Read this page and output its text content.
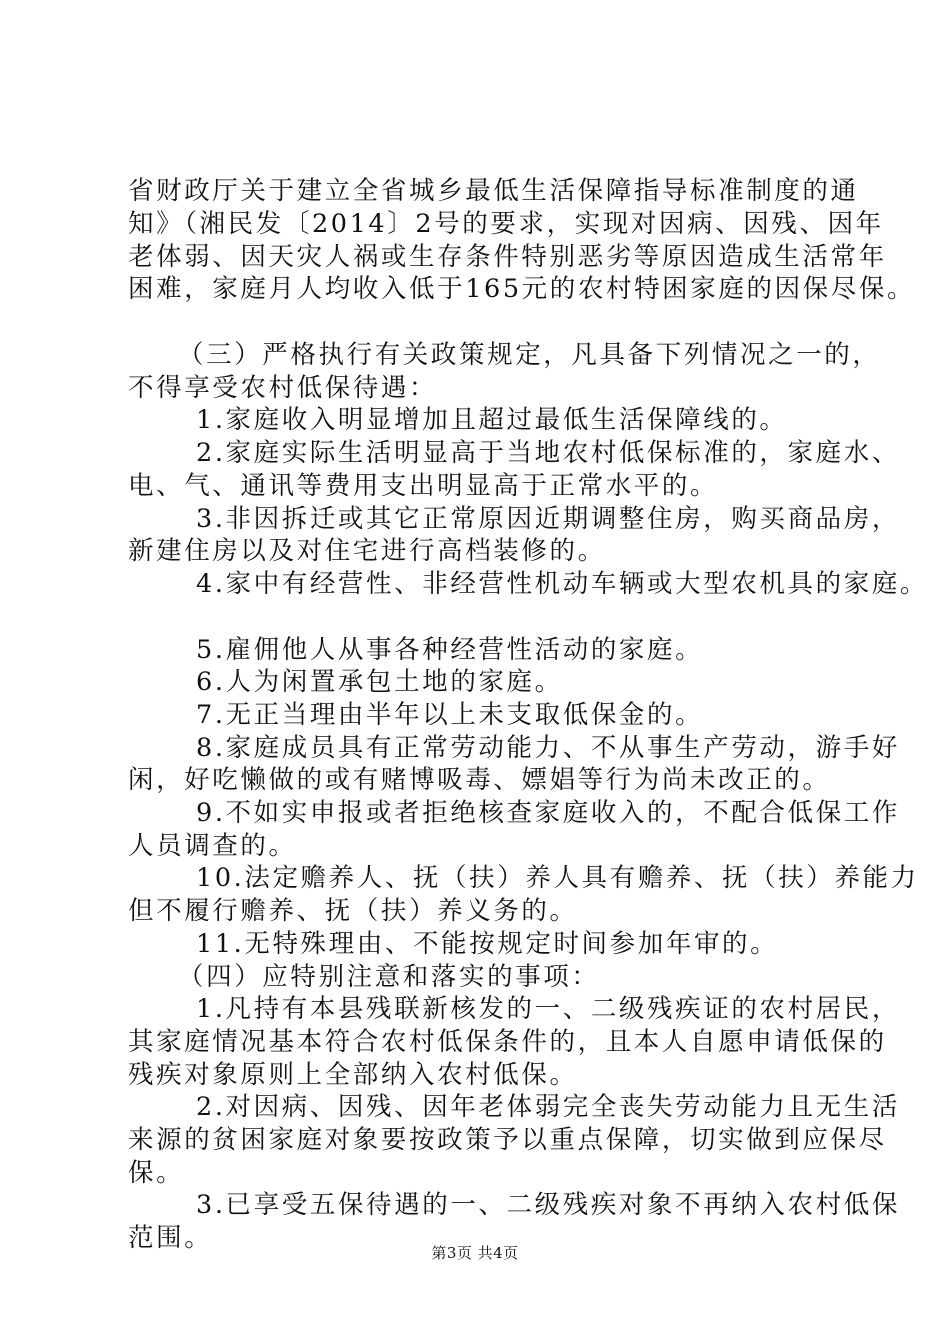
省财政厅关于建立全省城乡最低生活保障指导标准制度的通
知》（湘民发〔2014〕2号的要求，实现对因病、因残、因年
老体弱、因天灾人祸或生存条件特别恶劣等原因造成生活常年
困难，家庭月人均收入低于165元的农村特困家庭的因保尽保。
（三）严格执行有关政策规定，凡具备下列情况之一的，
不得享受农村低保待遇：
1.家庭收入明显增加且超过最低生活保障线的。
2.家庭实际生活明显高于当地农村低保标准的，家庭水、
电、气、通讯等费用支出明显高于正常水平的。
3.非因拆迁或其它正常原因近期调整住房，购买商品房，
新建住房以及对住宅进行高档装修的。
4.家中有经营性、非经营性机动车辆或大型农机具的家庭。
5.雇佣他人从事各种经营性活动的家庭。
6.人为闲置承包土地的家庭。
7.无正当理由半年以上未支取低保金的。
8.家庭成员具有正常劳动能力、不从事生产劳动，游手好
闲，好吃懒做的或有赌博吸毒、嫖娼等行为尚未改正的。
9.不如实申报或者拒绝核查家庭收入的，不配合低保工作
人员调查的。
10.法定赡养人、抚（扶）养人具有赡养、抚（扶）养能力
但不履行赡养、抚（扶）养义务的。
11.无特殊理由、不能按规定时间参加年审的。
（四）应特别注意和落实的事项：
1.凡持有本县残联新核发的一、二级残疾证的农村居民，
其家庭情况基本符合农村低保条件的，且本人自愿申请低保的
残疾对象原则上全部纳入农村低保。
2.对因病、因残、因年老体弱完全丧失劳动能力且无生活
来源的贫困家庭对象要按政策予以重点保障，切实做到应保尽
保。
3.已享受五保待遇的一、二级残疾对象不再纳入农村低保
范围。	第3页 共4页
